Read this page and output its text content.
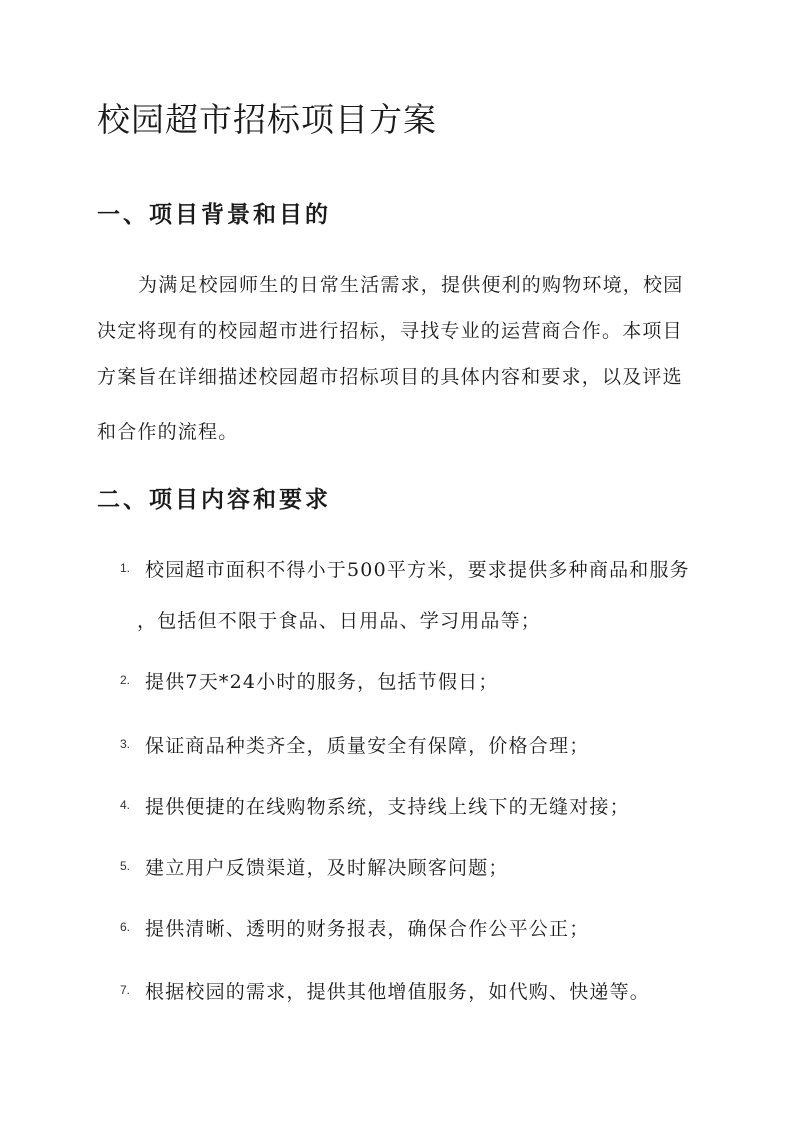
校园超市招标项目方案
一、项目背景和目的
为满足校园师生的日常生活需求，提供便利的购物环境，校园
决定将现有的校园超市进行招标，寻找专业的运营商合作。本项目
方案旨在详细描述校园超市招标项目的具体内容和要求，以及评选
和合作的流程。
二、项目内容和要求
1. 校园超市面积不得小于500平方米，要求提供多种商品和服务
，包括但不限于食品、日用品、学习用品等；
2. 提供7天*24小时的服务，包括节假日；
3. 保证商品种类齐全，质量安全有保障，价格合理；
4. 提供便捷的在线购物系统，支持线上线下的无缝对接；
5. 建立用户反馈渠道，及时解决顾客问题；
6. 提供清晰、透明的财务报表，确保合作公平公正；
7. 根据校园的需求，提供其他增值服务，如代购、快递等。
